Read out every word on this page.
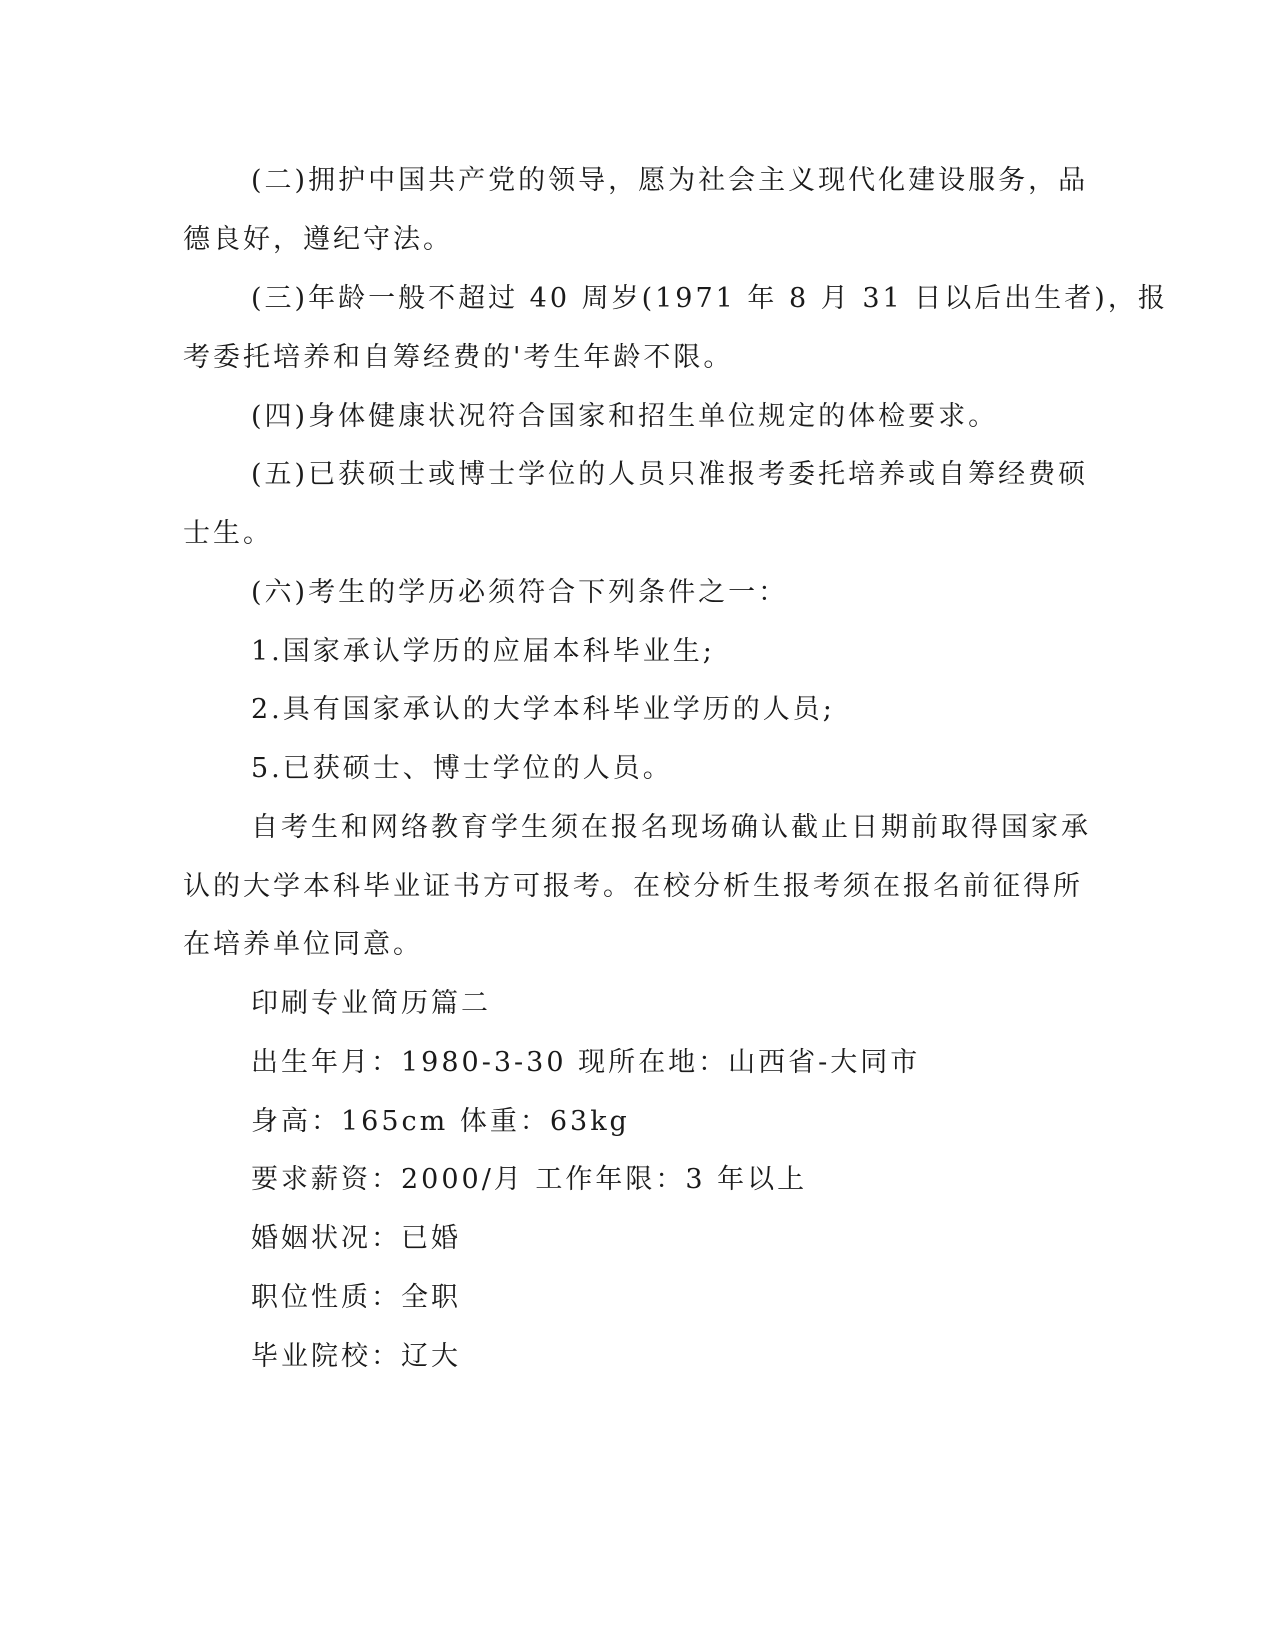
(二)拥护中国共产党的领导，愿为社会主义现代化建设服务，品
德良好，遵纪守法。
(三)年龄一般不超过 40 周岁(1971 年 8 月 31 日以后出生者)，报
考委托培养和自筹经费的'考生年龄不限。
(四)身体健康状况符合国家和招生单位规定的体检要求。
(五)已获硕士或博士学位的人员只准报考委托培养或自筹经费硕
士生。
(六)考生的学历必须符合下列条件之一：
1.国家承认学历的应届本科毕业生;
2.具有国家承认的大学本科毕业学历的人员;
5.已获硕士、博士学位的人员。
自考生和网络教育学生须在报名现场确认截止日期前取得国家承
认的大学本科毕业证书方可报考。在校分析生报考须在报名前征得所
在培养单位同意。
印刷专业简历篇二
出生年月：1980-3-30 现所在地：山西省-大同市
身高：165cm 体重：63kg
要求薪资：2000/月 工作年限：3 年以上
婚姻状况：已婚
职位性质：全职
毕业院校：辽大
